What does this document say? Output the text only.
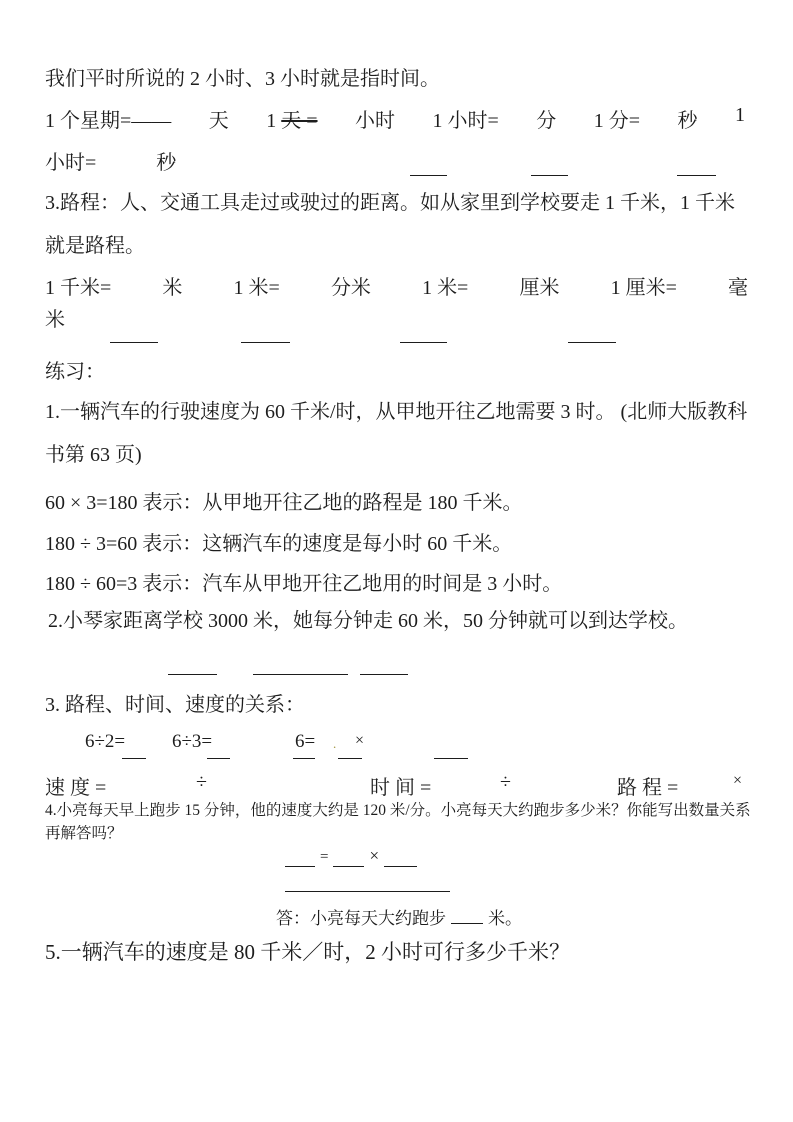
我们平时所说的 2 小时、3 小时就是指时间。
1 个星期=—— 天 1 天 = 小时 1 小时= 分 1 分= 秒 1
小时=	秒
3.路程：人、交通工具走过或驶过的距离。如从家里到学校要走 1 千米，1 千米就是路程。
1 千米=	米	1 米=	分米	1 米=	厘米	1 厘米=	毫
米
练习：
1.一辆汽车的行驶速度为 60 千米/时，从甲地开往乙地需要 3 时。 (北师大版教科书第 63 页)
60 × 3=180 表示：从甲地开往乙地的路程是 180 千米。
180 ÷ 3=60 表示：这辆汽车的速度是每小时 60 千米。
180 ÷ 60=3 表示：汽车从甲地开往乙地用的时间是 3 小时。
2.小琴家距离学校 3000 米，她每分钟走 60 米，50 分钟就可以到达学校。
3. 路程、时间、速度的关系：
6÷2= 6÷3=	6= . ×
速 度 =	÷	时 间 =	÷	路 程 =	×
4.小亮每天早上跑步 15 分钟，他的速度大约是 120 米/分。小亮每天大约跑步多少米？你能写出数量关系再解答吗？
= ×
答：小亮每天大约跑步 米。
5.一辆汽车的速度是 80 千米／时，2 小时可行多少千米？
